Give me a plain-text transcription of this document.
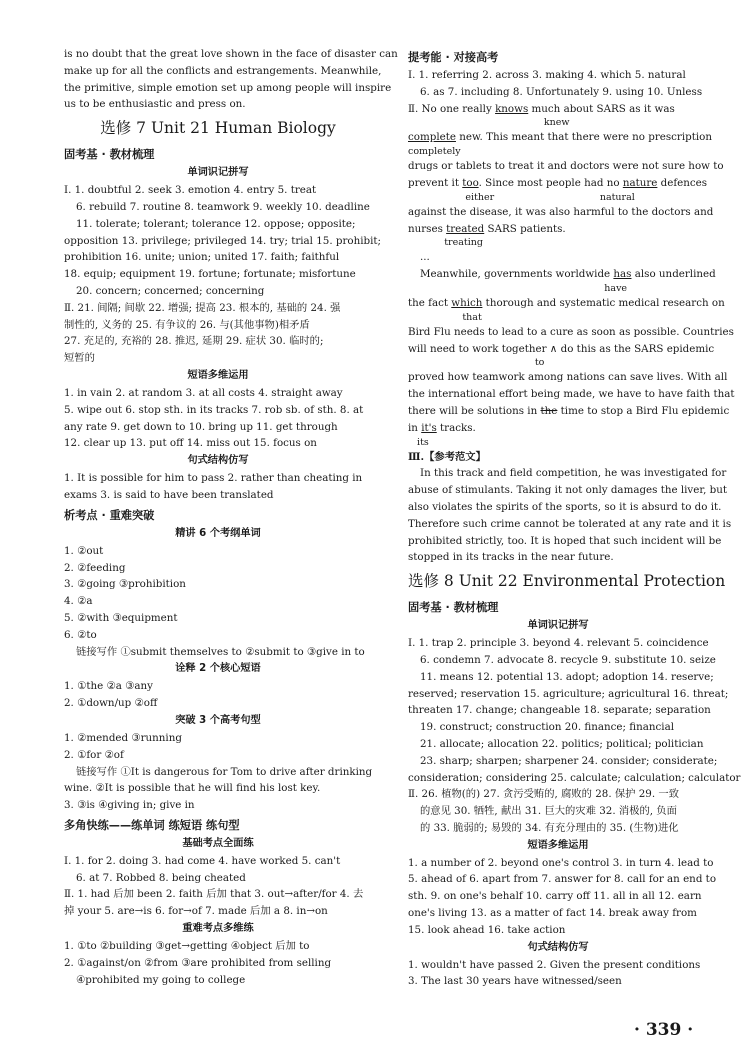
is no doubt that the great love shown in the face of disaster can
make up for all the conflicts and estrangements. Meanwhile,
the primitive, simple emotion set up among people will inspire
us to be enthusiastic and press on.
选修 7 Unit 21 Human Biology
固考基 · 教材梳理
单词识记拼写
Ⅰ. 1. doubtful 2. seek 3. emotion 4. entry 5. treat
6. rebuild 7. routine 8. teamwork 9. weekly 10. deadline
11. tolerate; tolerant; tolerance 12. oppose; opposite;
opposition 13. privilege; privileged 14. try; trial 15. prohibit;
prohibition 16. unite; union; united 17. faith; faithful
18. equip; equipment 19. fortune; fortunate; misfortune
20. concern; concerned; concerning
Ⅱ. 21. 间隔; 间歇 22. 增强; 提高 23. 根本的, 基础的 24. 强
制性的, 义务的 25. 有争议的 26. 与(其他事物)相矛盾
27. 充足的, 充裕的 28. 推迟, 延期 29. 症状 30. 临时的;
短暂的
短语多维运用
1. in vain 2. at random 3. at all costs 4. straight away
5. wipe out 6. stop sth. in its tracks 7. rob sb. of sth. 8. at
any rate 9. get down to 10. bring up 11. get through
12. clear up 13. put off 14. miss out 15. focus on
句式结构仿写
1. It is possible for him to pass 2. rather than cheating in
exams 3. is said to have been translated
析考点 · 重难突破
精讲 6 个考纲单词
1. ②out
2. ②feeding
3. ②going ③prohibition
4. ②a
5. ②with ③equipment
6. ②to
链接写作 ①submit themselves to ②submit to ③give in to
诠释 2 个核心短语
1. ①the ②a ③any
2. ①down/up ②off
突破 3 个高考句型
1. ②mended ③running
2. ①for ②of
链接写作 ①It is dangerous for Tom to drive after drinking
wine. ②It is possible that he will find his lost key.
3. ③is ④giving in; give in
多角快练——练单词 练短语 练句型
基础考点全面练
Ⅰ. 1. for 2. doing 3. had come 4. have worked 5. can't
6. at 7. Robbed 8. being cheated
Ⅱ. 1. had 后加 been 2. faith 后加 that 3. out→after/for 4. 去
掉 your 5. are→is 6. for→of 7. made 后加 a 8. in→on
重难考点多维练
1. ①to ②building ③get→getting ④object 后加 to
2. ①against/on ②from ③are prohibited from selling
④prohibited my going to college
提考能 · 对接高考
Ⅰ. 1. referring 2. across 3. making 4. which 5. natural
6. as 7. including 8. Unfortunately 9. using 10. Unless
Ⅱ. No one really knows much about SARS as it was
knew
complete new. This meant that there were no prescription
completely
drugs or tablets to treat it and doctors were not sure how to
prevent it too. Since most people had no nature defences
either                                   natural
against the disease, it was also harmful to the doctors and
nurses treated SARS patients.
treating
...
Meanwhile, governments worldwide has also underlined
have
the fact which thorough and systematic medical research on
that
Bird Flu needs to lead to a cure as soon as possible. Countries
will need to work together ∧ do this as the SARS epidemic
to
proved how teamwork among nations can save lives. With all
the international effort being made, we have to have faith that
there will be solutions in the time to stop a Bird Flu epidemic
in it's tracks.
its
Ⅲ.【参考范文】
In this track and field competition, he was investigated for
abuse of stimulants. Taking it not only damages the liver, but
also violates the spirits of the sports, so it is absurd to do it.
Therefore such crime cannot be tolerated at any rate and it is
prohibited strictly, too. It is hoped that such incident will be
stopped in its tracks in the near future.
选修 8 Unit 22 Environmental Protection
固考基 · 教材梳理
单词识记拼写
Ⅰ. 1. trap 2. principle 3. beyond 4. relevant 5. coincidence
6. condemn 7. advocate 8. recycle 9. substitute 10. seize
11. means 12. potential 13. adopt; adoption 14. reserve;
reserved; reservation 15. agriculture; agricultural 16. threat;
threaten 17. change; changeable 18. separate; separation
19. construct; construction 20. finance; financial
21. allocate; allocation 22. politics; political; politician
23. sharp; sharpen; sharpener 24. consider; considerate;
consideration; considering 25. calculate; calculation; calculator
Ⅱ. 26. 植物(的) 27. 贪污受贿的, 腐败的 28. 保护 29. 一致
的意见 30. 牺牲, 献出 31. 巨大的灾难 32. 消极的, 负面
的 33. 脆弱的; 易毁的 34. 有充分理由的 35. (生物)进化
短语多维运用
1. a number of 2. beyond one's control 3. in turn 4. lead to
5. ahead of 6. apart from 7. answer for 8. call for an end to
sth. 9. on one's behalf 10. carry off 11. all in all 12. earn
one's living 13. as a matter of fact 14. break away from
15. look ahead 16. take action
句式结构仿写
1. wouldn't have passed 2. Given the present conditions
3. The last 30 years have witnessed/seen
· 339 ·
